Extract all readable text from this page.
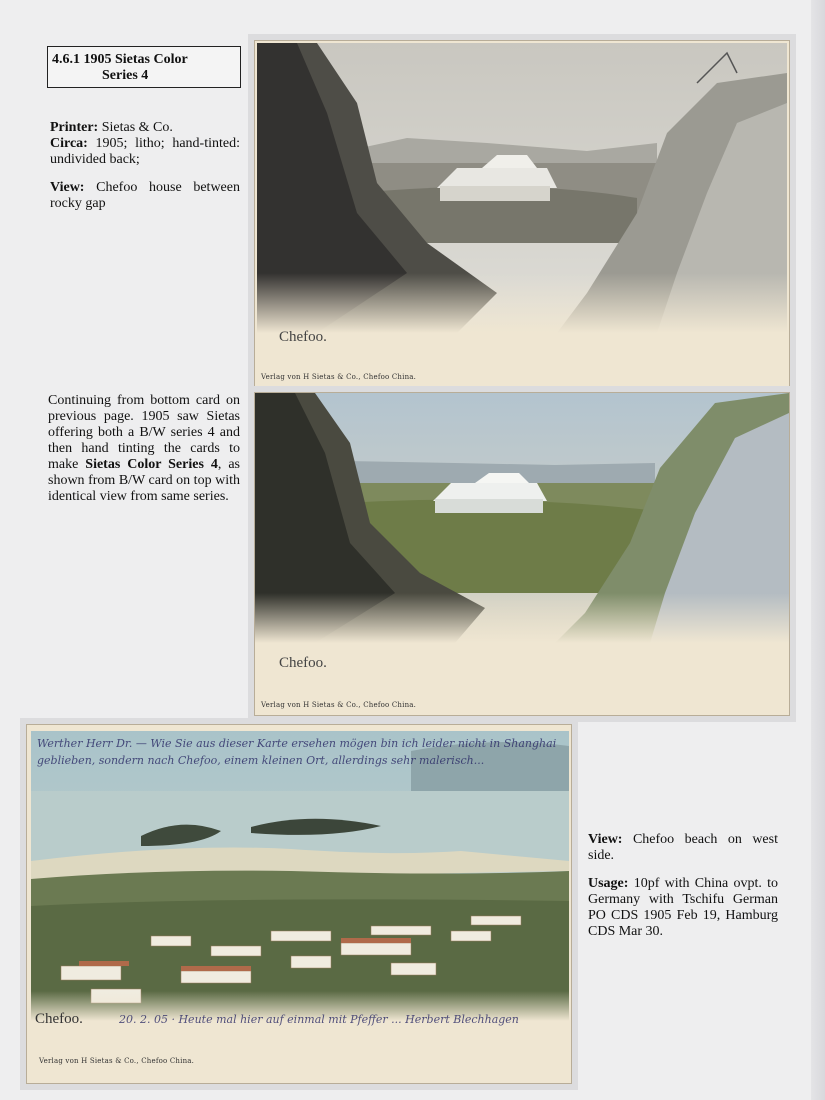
4.6.1 1905 Sietas Color
Series 4

Printer: Sietas & Co.
Circa: 1905; litho; hand-tinted: undivided back;

View: Chefoo house between rocky gap

Continuing from bottom card on previous page. 1905 saw Sietas offering both a B/W series 4 and then hand tinting the cards to make Sietas Color Series 4, as shown from B/W card on top with identical view from same series.
Chefoo.
Verlag von H Sietas & Co., Chefoo China.
Chefoo.
Verlag von H Sietas & Co., Chefoo China.
Werther Herr Dr. — Wie Sie aus dieser Karte ersehen mögen bin ich leider nicht in Shanghai geblieben, sondern nach Chefoo, einem kleinen Ort, allerdings sehr malerisch...
Chefoo.	20. 2. 05 · Heute mal hier auf einmal mit Pfeffer ... Herbert Blechhagen
Verlag von H Sietas & Co., Chefoo China.

View: Chefoo beach on west side.

Usage: 10pf with China ovpt. to Germany with Tschifu German PO CDS 1905 Feb 19, Hamburg CDS Mar 30.
